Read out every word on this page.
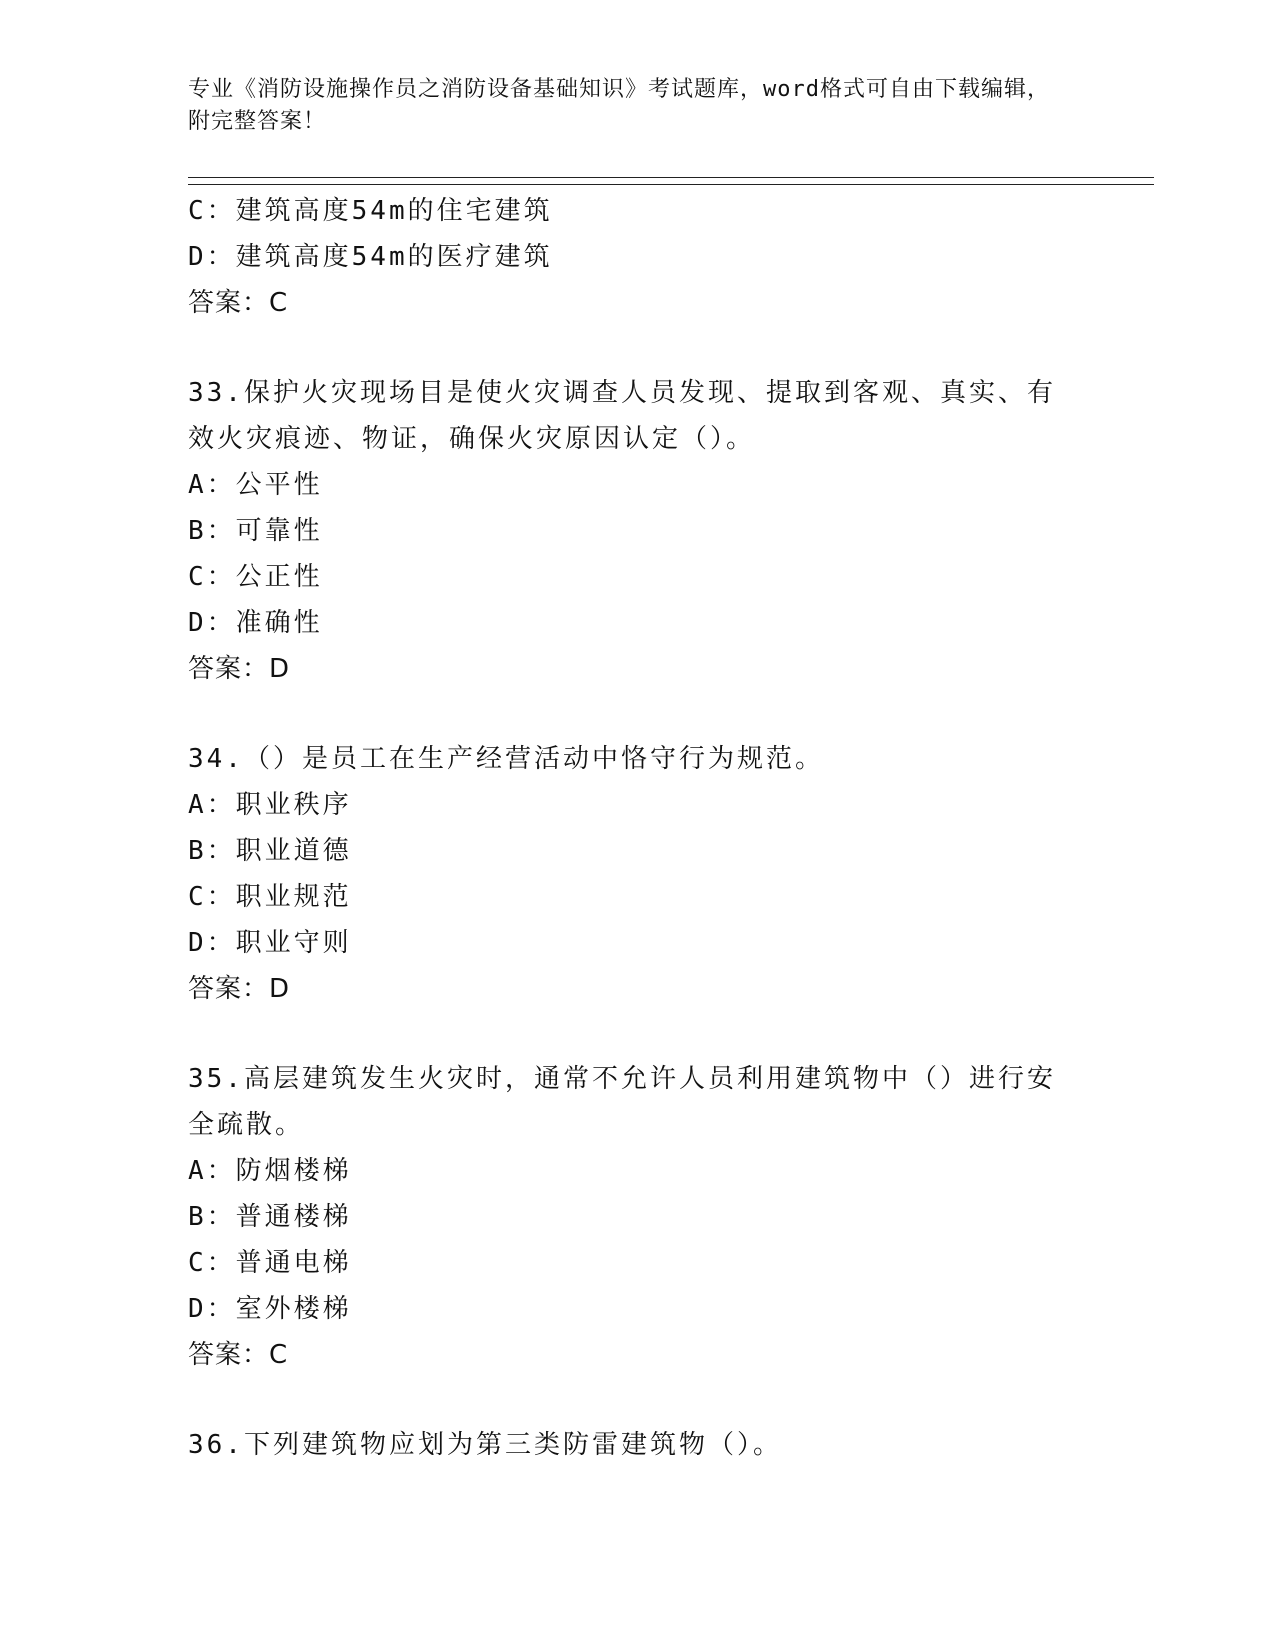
专业《消防设施操作员之消防设备基础知识》考试题库，word格式可自由下载编辑，附完整答案！
C：建筑高度54m的住宅建筑
D：建筑高度54m的医疗建筑
答案：C
33.保护火灾现场目是使火灾调查人员发现、提取到客观、真实、有效火灾痕迹、物证，确保火灾原因认定（）。
A：公平性
B：可靠性
C：公正性
D：准确性
答案：D
34.（）是员工在生产经营活动中恪守行为规范。
A：职业秩序
B：职业道德
C：职业规范
D：职业守则
答案：D
35.高层建筑发生火灾时，通常不允许人员利用建筑物中（）进行安全疏散。
A：防烟楼梯
B：普通楼梯
C：普通电梯
D：室外楼梯
答案：C
36.下列建筑物应划为第三类防雷建筑物（）。
